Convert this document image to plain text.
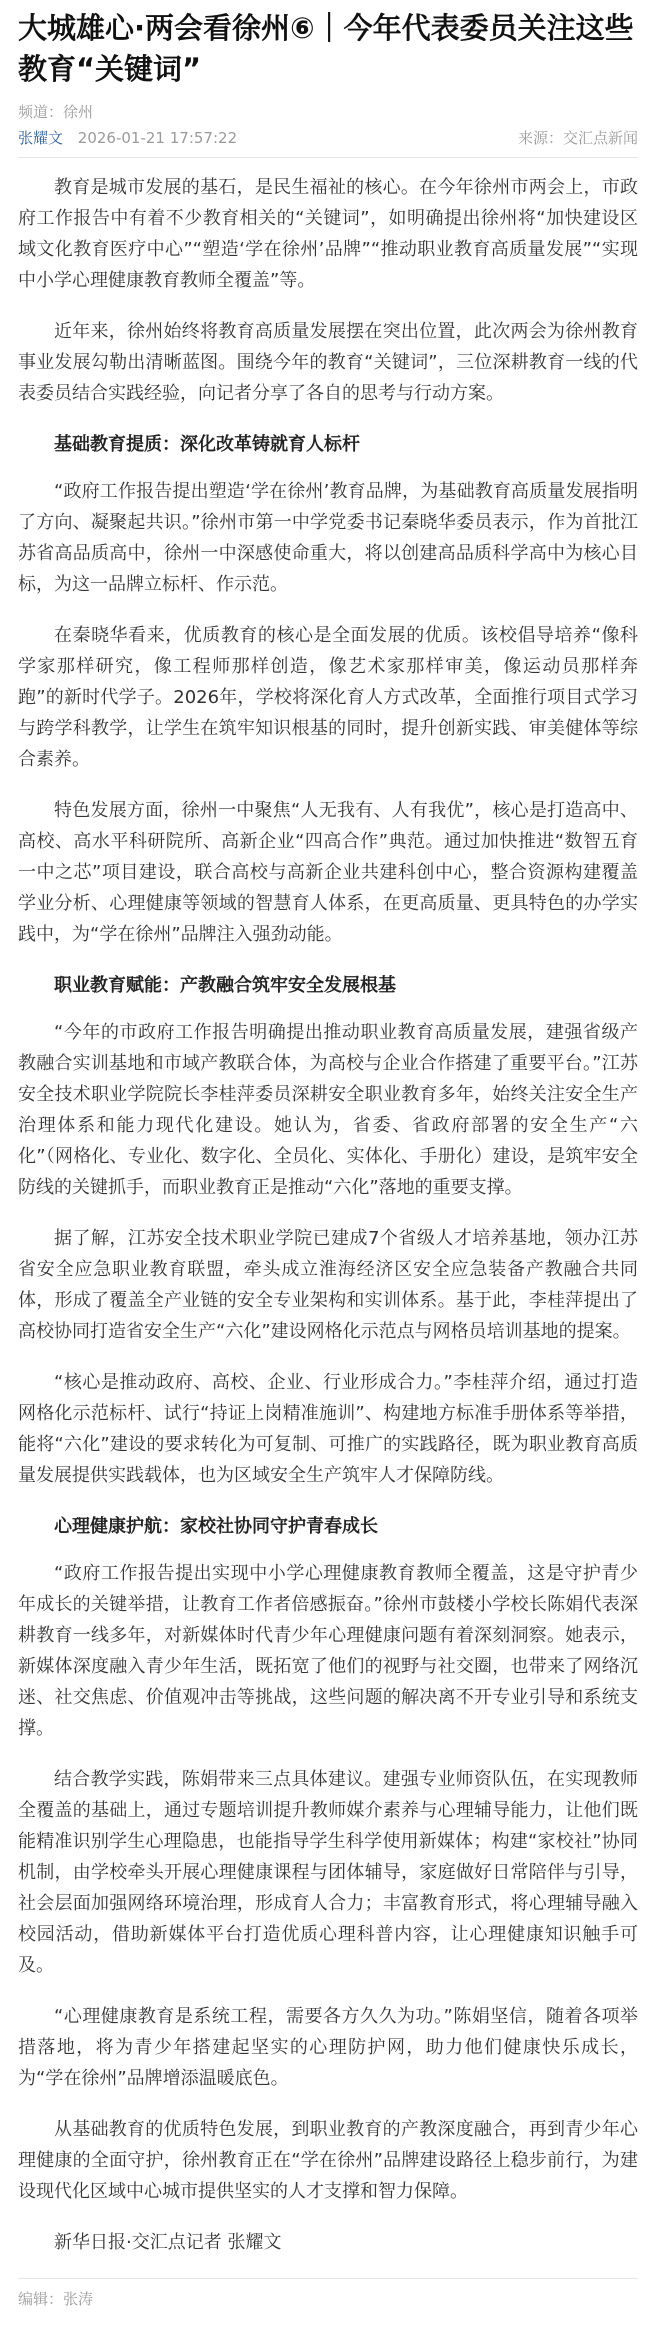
大城雄心·两会看徐州⑥｜今年代表委员关注这些教育“关键词”
频道：徐州
张耀文 2026-01-21 17:57:22	来源：交汇点新闻

教育是城市发展的基石，是民生福祉的核心。在今年徐州市两会上，市政府工作报告中有着不少教育相关的“关键词”，如明确提出徐州将“加快建设区域文化教育医疗中心”“塑造‘学在徐州’品牌”“推动职业教育高质量发展”“实现中小学心理健康教育教师全覆盖”等。

近年来，徐州始终将教育高质量发展摆在突出位置，此次两会为徐州教育事业发展勾勒出清晰蓝图。围绕今年的教育“关键词”，三位深耕教育一线的代表委员结合实践经验，向记者分享了各自的思考与行动方案。

基础教育提质：深化改革铸就育人标杆

“政府工作报告提出塑造‘学在徐州’教育品牌，为基础教育高质量发展指明了方向、凝聚起共识。”徐州市第一中学党委书记秦晓华委员表示，作为首批江苏省高品质高中，徐州一中深感使命重大，将以创建高品质科学高中为核心目标，为这一品牌立标杆、作示范。

在秦晓华看来，优质教育的核心是全面发展的优质。该校倡导培养“像科学家那样研究，像工程师那样创造，像艺术家那样审美，像运动员那样奔跑”的新时代学子。2026年，学校将深化育人方式改革，全面推行项目式学习与跨学科教学，让学生在筑牢知识根基的同时，提升创新实践、审美健体等综合素养。

特色发展方面，徐州一中聚焦“人无我有、人有我优”，核心是打造高中、高校、高水平科研院所、高新企业“四高合作”典范。通过加快推进“数智五育 一中之芯”项目建设，联合高校与高新企业共建科创中心，整合资源构建覆盖学业分析、心理健康等领域的智慧育人体系，在更高质量、更具特色的办学实践中，为“学在徐州”品牌注入强劲动能。

职业教育赋能：产教融合筑牢安全发展根基

“今年的市政府工作报告明确提出推动职业教育高质量发展，建强省级产教融合实训基地和市域产教联合体，为高校与企业合作搭建了重要平台。”江苏安全技术职业学院院长李桂萍委员深耕安全职业教育多年，始终关注安全生产治理体系和能力现代化建设。她认为，省委、省政府部署的安全生产“六化”（网格化、专业化、数字化、全员化、实体化、手册化）建设，是筑牢安全防线的关键抓手，而职业教育正是推动“六化”落地的重要支撑。

据了解，江苏安全技术职业学院已建成7个省级人才培养基地，领办江苏省安全应急职业教育联盟，牵头成立淮海经济区安全应急装备产教融合共同体，形成了覆盖全产业链的安全专业架构和实训体系。基于此，李桂萍提出了高校协同打造省安全生产“六化”建设网格化示范点与网格员培训基地的提案。

“核心是推动政府、高校、企业、行业形成合力。”李桂萍介绍，通过打造网格化示范标杆、试行“持证上岗精准施训”、构建地方标准手册体系等举措，能将“六化”建设的要求转化为可复制、可推广的实践路径，既为职业教育高质量发展提供实践载体，也为区域安全生产筑牢人才保障防线。

心理健康护航：家校社协同守护青春成长

“政府工作报告提出实现中小学心理健康教育教师全覆盖，这是守护青少年成长的关键举措，让教育工作者倍感振奋。”徐州市鼓楼小学校长陈娟代表深耕教育一线多年，对新媒体时代青少年心理健康问题有着深刻洞察。她表示，新媒体深度融入青少年生活，既拓宽了他们的视野与社交圈，也带来了网络沉迷、社交焦虑、价值观冲击等挑战，这些问题的解决离不开专业引导和系统支撑。

结合教学实践，陈娟带来三点具体建议。建强专业师资队伍，在实现教师全覆盖的基础上，通过专题培训提升教师媒介素养与心理辅导能力，让他们既能精准识别学生心理隐患，也能指导学生科学使用新媒体；构建“家校社”协同机制，由学校牵头开展心理健康课程与团体辅导，家庭做好日常陪伴与引导，社会层面加强网络环境治理，形成育人合力；丰富教育形式，将心理辅导融入校园活动，借助新媒体平台打造优质心理科普内容，让心理健康知识触手可及。

“心理健康教育是系统工程，需要各方久久为功。”陈娟坚信，随着各项举措落地，将为青少年搭建起坚实的心理防护网，助力他们健康快乐成长，为“学在徐州”品牌增添温暖底色。

从基础教育的优质特色发展，到职业教育的产教深度融合，再到青少年心理健康的全面守护，徐州教育正在“学在徐州”品牌建设路径上稳步前行，为建设现代化区域中心城市提供坚实的人才支撑和智力保障。

新华日报·交汇点记者 张耀文

编辑：张涛
